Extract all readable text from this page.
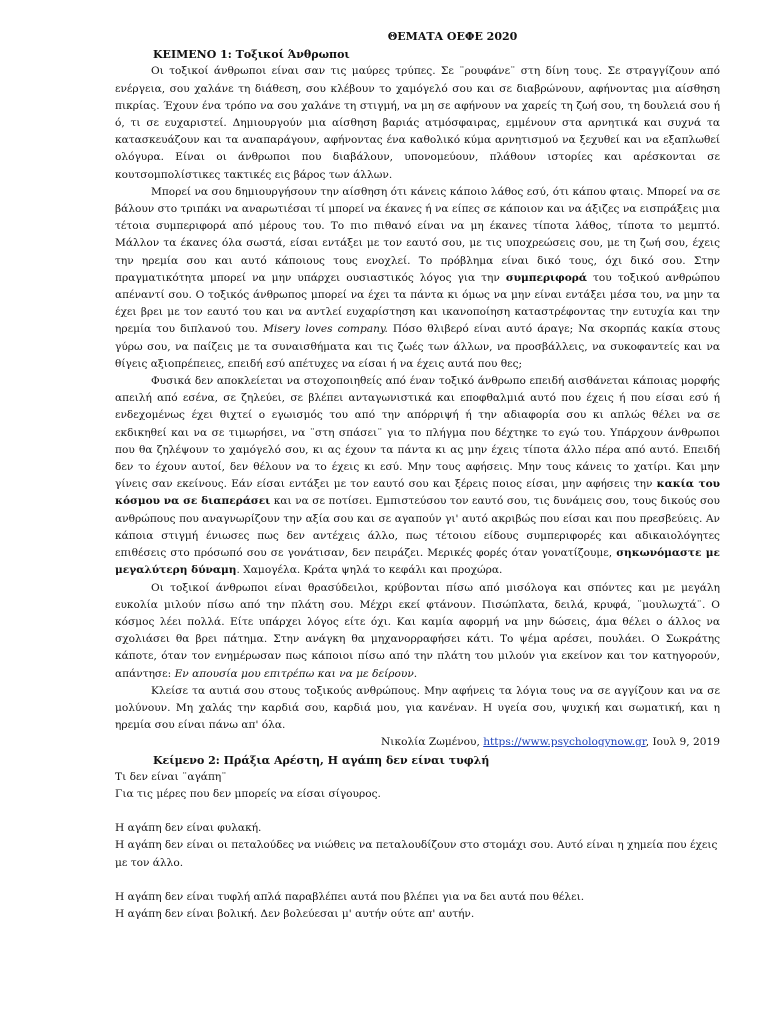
ΘΕΜΑΤΑ ΟΕΦΕ 2020
ΚΕΙΜΕΝΟ 1: Τοξικοί Άνθρωποι

Οι τοξικοί άνθρωποι είναι σαν τις μαύρες τρύπες. Σε ¨ρουφάνε¨ στη δίνη τους. Σε στραγγίζουν από ενέργεια, σου χαλάνε τη διάθεση, σου κλέβουν το χαμόγελό σου και σε διαβρώνουν, αφήνοντας μια αίσθηση πικρίας. Έχουν ένα τρόπο να σου χαλάνε τη στιγμή, να μη σε αφήνουν να χαρείς τη ζωή σου, τη δουλειά σου ή ό, τι σε ευχαριστεί. Δημιουργούν μια αίσθηση βαριάς ατμόσφαιρας, εμμένουν στα αρνητικά και συχνά τα κατασκευάζουν και τα αναπαράγουν, αφήνοντας ένα καθολικό κύμα αρνητισμού να ξεχυθεί και να εξαπλωθεί ολόγυρα. Είναι οι άνθρωποι που διαβάλουν, υπονομεύουν, πλάθουν ιστορίες και αρέσκονται σε κουτσομπολίστικες τακτικές εις βάρος των άλλων.

Μπορεί να σου δημιουργήσουν την αίσθηση ότι κάνεις κάποιο λάθος εσύ, ότι κάπου φταις. Μπορεί να σε βάλουν στο τριπάκι να αναρωτιέσαι τί μπορεί να έκανες ή να είπες σε κάποιον και να άξιζες να εισπράξεις μια τέτοια συμπεριφορά από μέρους του. Το πιο πιθανό είναι να μη έκανες τίποτα λάθος, τίποτα το μεμπτό. Μάλλον τα έκανες όλα σωστά, είσαι εντάξει με τον εαυτό σου, με τις υποχρεώσεις σου, με τη ζωή σου, έχεις την ηρεμία σου και αυτό κάποιους τους ενοχλεί. Το πρόβλημα είναι δικό τους, όχι δικό σου. Στην πραγματικότητα μπορεί να μην υπάρχει ουσιαστικός λόγος για την συμπεριφορά του τοξικού ανθρώπου απέναντί σου. Ο τοξικός άνθρωπος μπορεί να έχει τα πάντα κι όμως να μην είναι εντάξει μέσα του, να μην τα έχει βρει με τον εαυτό του και να αντλεί ευχαρίστηση και ικανοποίηση καταστρέφοντας την ευτυχία και την ηρεμία του διπλανού του. Misery loves company. Πόσο θλιβερό είναι αυτό άραγε; Να σκορπάς κακία στους γύρω σου, να παίζεις με τα συναισθήματα και τις ζωές των άλλων, να προσβάλλεις, να συκοφαντείς και να θίγεις αξιοπρέπειες, επειδή εσύ απέτυχες να είσαι ή να έχεις αυτά που θες;

Φυσικά δεν αποκλείεται να στοχοποιηθείς από έναν τοξικό άνθρωπο επειδή αισθάνεται κάποιας μορφής απειλή από εσένα, σε ζηλεύει, σε βλέπει ανταγωνιστικά και εποφθαλμιά αυτό που έχεις ή που είσαι εσύ ή ενδεχομένως έχει θιχτεί ο εγωισμός του από την απόρριψή ή την αδιαφορία σου κι απλώς θέλει να σε εκδικηθεί και να σε τιμωρήσει, να ¨στη σπάσει¨ για το πλήγμα που δέχτηκε το εγώ του. Υπάρχουν άνθρωποι που θα ζηλέψουν το χαμόγελό σου, κι ας έχουν τα πάντα κι ας μην έχεις τίποτα άλλο πέρα από αυτό. Επειδή δεν το έχουν αυτοί, δεν θέλουν να το έχεις κι εσύ. Μην τους αφήσεις. Μην τους κάνεις το χατίρι. Και μην γίνεις σαν εκείνους. Εάν είσαι εντάξει με τον εαυτό σου και ξέρεις ποιος είσαι, μην αφήσεις την κακία του κόσμου να σε διαπεράσει και να σε ποτίσει. Εμπιστεύσου τον εαυτό σου, τις δυνάμεις σου, τους δικούς σου ανθρώπους που αναγνωρίζουν την αξία σου και σε αγαπούν γι' αυτό ακριβώς που είσαι και που πρεσβεύεις. Αν κάποια στιγμή ένιωσες πως δεν αντέχεις άλλο, πως τέτοιου είδους συμπεριφορές και αδικαιολόγητες επιθέσεις στο πρόσωπό σου σε γονάτισαν, δεν πειράζει. Μερικές φορές όταν γονατίζουμε, σηκωνόμαστε με μεγαλύτερη δύναμη. Χαμογέλα. Κράτα ψηλά το κεφάλι και προχώρα.

Οι τοξικοί άνθρωποι είναι θρασύδειλοι, κρύβονται πίσω από μισόλογα και σπόντες και με μεγάλη ευκολία μιλούν πίσω από την πλάτη σου. Μέχρι εκεί φτάνουν. Πισώπλατα, δειλά, κρυφά, ¨μουλωχτά¨. Ο κόσμος λέει πολλά. Είτε υπάρχει λόγος είτε όχι. Και καμία αφορμή να μην δώσεις, άμα θέλει ο άλλος να σχολιάσει θα βρει πάτημα. Στην ανάγκη θα μηχανορραφήσει κάτι. Το ψέμα αρέσει, πουλάει. Ο Σωκράτης κάποτε, όταν τον ενημέρωσαν πως κάποιοι πίσω από την πλάτη του μιλούν για εκείνον και τον κατηγορούν, απάντησε: Εν απουσία μου επιτρέπω και να με δείρουν.

Κλείσε τα αυτιά σου στους τοξικούς ανθρώπους. Μην αφήνεις τα λόγια τους να σε αγγίζουν και να σε μολύνουν. Μη χαλάς την καρδιά σου, καρδιά μου, για κανέναν. Η υγεία σου, ψυχική και σωματική, και η ηρεμία σου είναι πάνω απ' όλα.

Νικολία Ζωμένου, https://www.psychologynow.gr, Ιουλ 9, 2019

Κείμενο 2: Πράξια Αρέστη, Η αγάπη δεν είναι τυφλή
Τι δεν είναι ¨αγάπη¨
Για τις μέρες που δεν μπορείς να είσαι σίγουρος.
Η αγάπη δεν είναι φυλακή.
Η αγάπη δεν είναι οι πεταλούδες να νιώθεις να πεταλουδίζουν στο στομάχι σου. Αυτό είναι η χημεία που έχεις με τον άλλο.
Η αγάπη δεν είναι τυφλή απλά παραβλέπει αυτά που βλέπει για να δει αυτά που θέλει.
Η αγάπη δεν είναι βολική. Δεν βολεύεσαι μ' αυτήν ούτε απ' αυτήν.
